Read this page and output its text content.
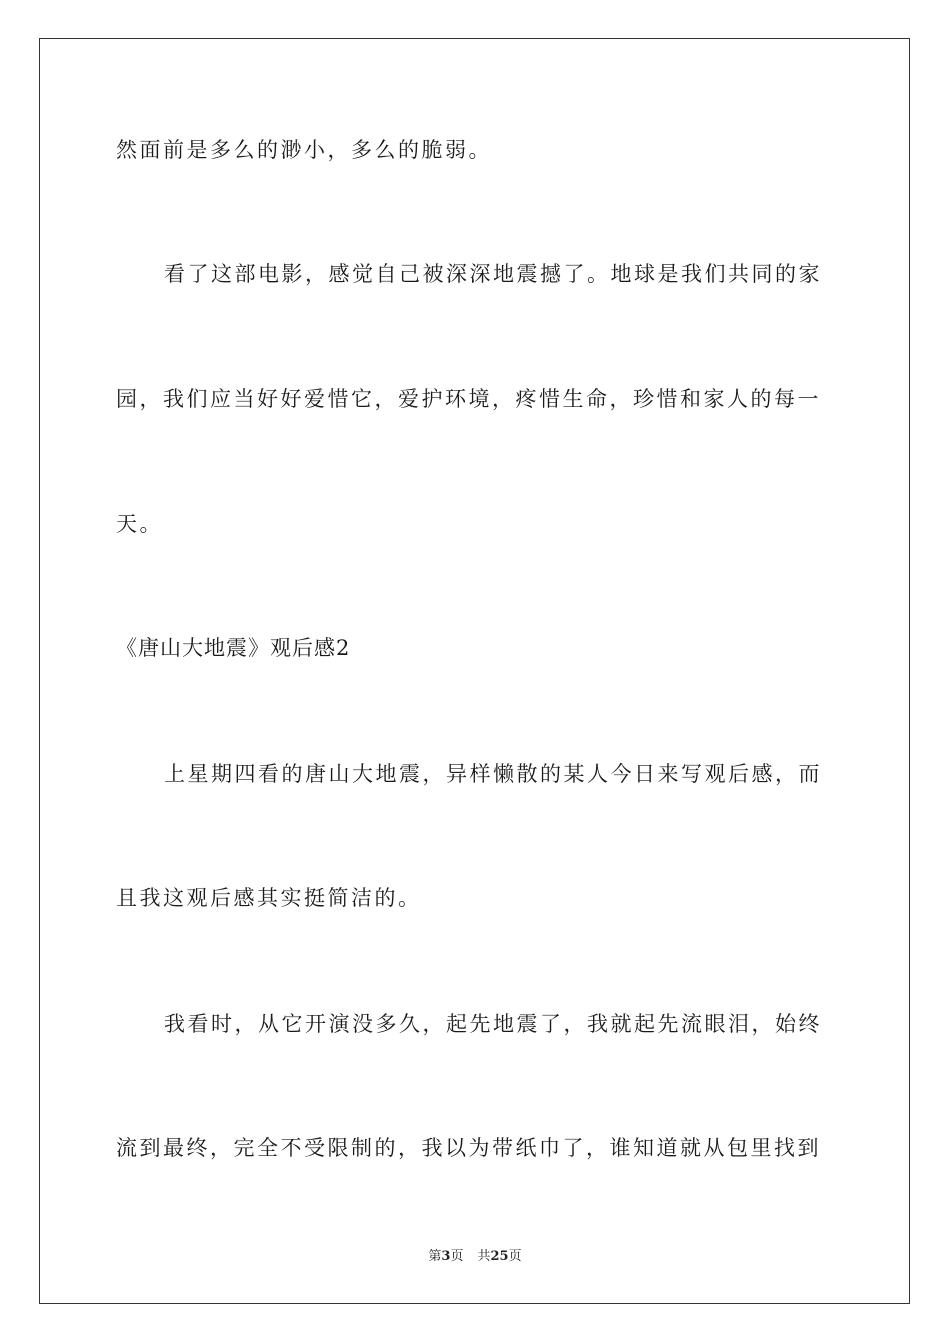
然面前是多么的渺小，多么的脆弱。
看了这部电影，感觉自己被深深地震撼了。地球是我们共同的家
园，我们应当好好爱惜它，爱护环境，疼惜生命，珍惜和家人的每一
天。
《唐山大地震》观后感2
上星期四看的唐山大地震，异样懒散的某人今日来写观后感，而
且我这观后感其实挺简洁的。
我看时，从它开演没多久，起先地震了，我就起先流眼泪，始终
流到最终，完全不受限制的，我以为带纸巾了，谁知道就从包里找到
第3页 共25页
